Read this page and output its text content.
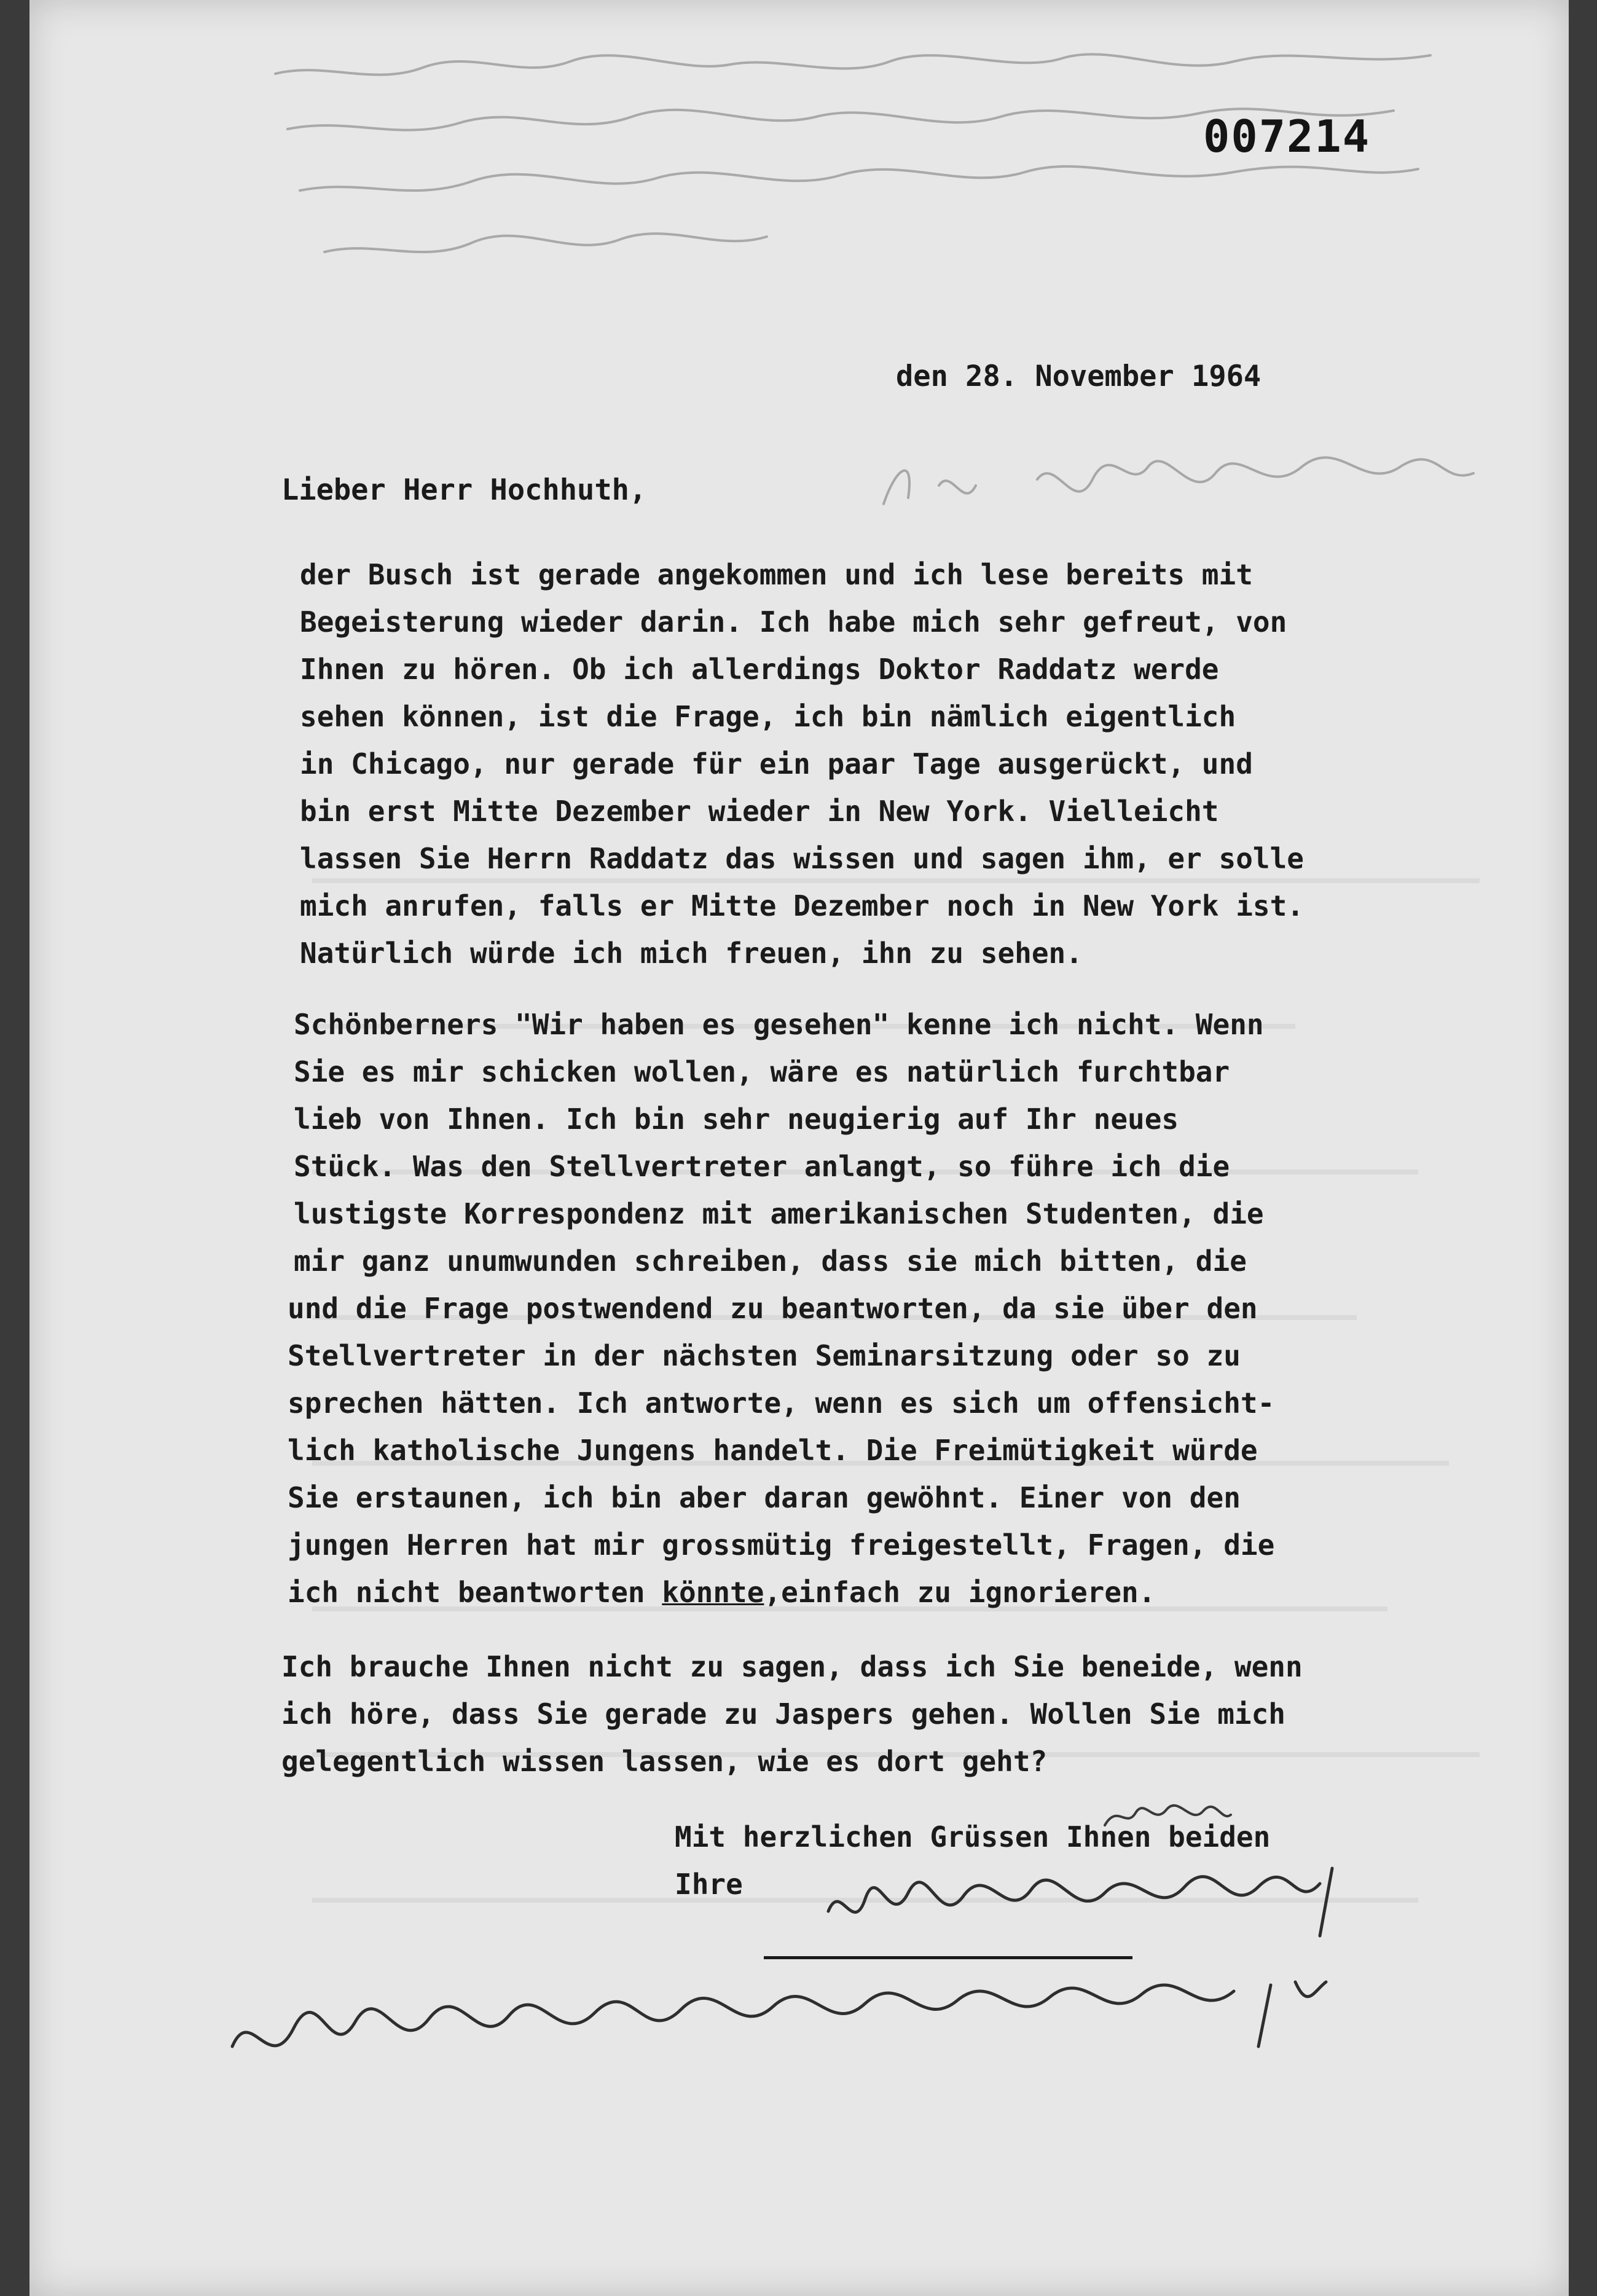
007214
den 28. November 1964
Lieber Herr Hochhuth,
der Busch ist gerade angekommen und ich lese bereits mit
Begeisterung wieder darin. Ich habe mich sehr gefreut, von
Ihnen zu hören. Ob ich allerdings Doktor Raddatz werde
sehen können, ist die Frage, ich bin nämlich eigentlich
in Chicago, nur gerade für ein paar Tage ausgerückt, und
bin erst Mitte Dezember wieder in New York. Vielleicht
lassen Sie Herrn Raddatz das wissen und sagen ihm, er solle
mich anrufen, falls er Mitte Dezember noch in New York ist.
Natürlich würde ich mich freuen, ihn zu sehen.
Schönberners "Wir haben es gesehen" kenne ich nicht. Wenn
Sie es mir schicken wollen, wäre es natürlich furchtbar
lieb von Ihnen. Ich bin sehr neugierig auf Ihr neues
Stück. Was den Stellvertreter anlangt, so führe ich die
lustigste Korrespondenz mit amerikanischen Studenten, die
mir ganz unumwunden schreiben, dass sie mich bitten, die
und die Frage postwendend zu beantworten, da sie über den
Stellvertreter in der nächsten Seminarsitzung oder so zu
sprechen hätten. Ich antworte, wenn es sich um offensicht-
lich katholische Jungens handelt. Die Freimütigkeit würde
Sie erstaunen, ich bin aber daran gewöhnt. Einer von den
jungen Herren hat mir grossmütig freigestellt, Fragen, die
ich nicht beantworten könnte,einfach zu ignorieren.
Ich brauche Ihnen nicht zu sagen, dass ich Sie beneide, wenn
ich höre, dass Sie gerade zu Jaspers gehen. Wollen Sie mich
gelegentlich wissen lassen, wie es dort geht?
Mit herzlichen Grüssen Ihnen beiden
Ihre
